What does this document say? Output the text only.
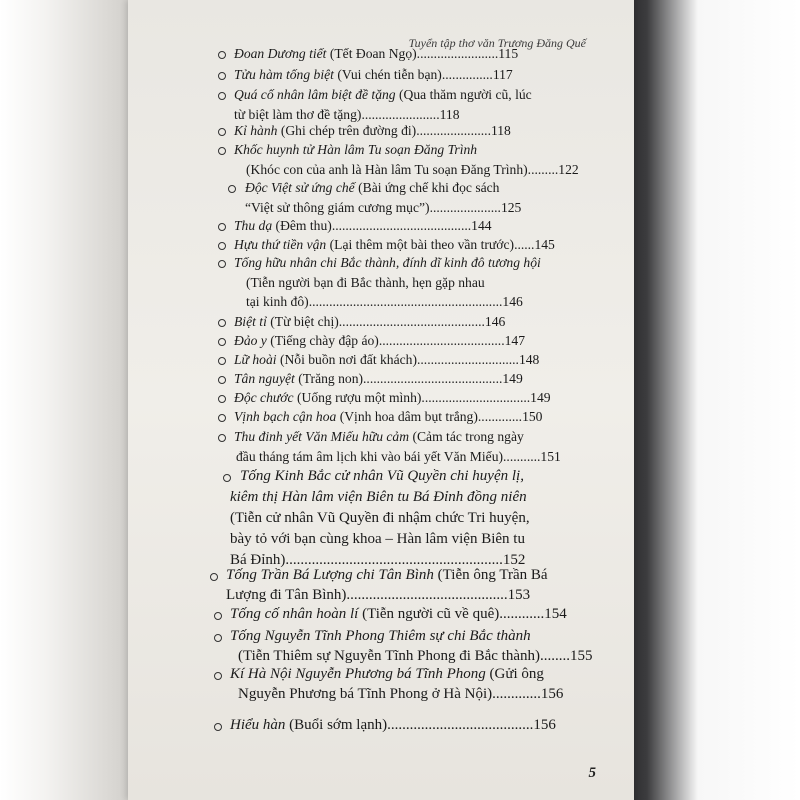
Tuyển tập thơ văn Trương Đăng Quế
Đoan Dương tiết (Tết Đoan Ngọ)........................115
Tửu hàm tống biệt (Vui chén tiễn bạn)...............117
Quá cố nhân lâm biệt đề tặng (Qua thăm người cũ, lúc
từ biệt làm thơ đề tặng).......................118
Kỉ hành (Ghi chép trên đường đi)......................118
Khốc huynh tử Hàn lâm Tu soạn Đăng Trình
(Khóc con của anh là Hàn lâm Tu soạn Đăng Trình).........122
Độc Việt sử ứng chế (Bài ứng chế khi đọc sách
“Việt sử thông giám cương mục”).....................125
Thu dạ (Đêm thu).........................................144
Hựu thứ tiền vận (Lại thêm một bài theo vần trước)......145
Tống hữu nhân chi Bắc thành, đính dĩ kinh đô tương hội
(Tiễn người bạn đi Bắc thành, hẹn gặp nhau
tại kinh đô).........................................................146
Biệt tỉ (Từ biệt chị)...........................................146
Đảo y (Tiếng chày đập áo).....................................147
Lữ hoài (Nỗi buồn nơi đất khách)..............................148
Tân nguyệt (Trăng non).........................................149
Độc chước (Uống rượu một mình)................................149
Vịnh bạch cận hoa (Vịnh hoa dâm bụt trắng).............150
Thu đinh yết Văn Miếu hữu cảm (Cảm tác trong ngày
đầu tháng tám âm lịch khi vào bái yết Văn Miếu)...........151
Tống Kinh Bắc cử nhân Vũ Quyền chi huyện lị,
kiêm thị Hàn lâm viện Biên tu Bá Đỉnh đồng niên
(Tiễn cử nhân Vũ Quyền đi nhậm chức Tri huyện,
bày tỏ với bạn cùng khoa – Hàn lâm viện Biên tu
Bá Đỉnh)..........................................................152
Tống Trần Bá Lượng chi Tân Bình (Tiễn ông Trần Bá
Lượng đi Tân Bình)...........................................153
Tống cố nhân hoàn lí (Tiễn người cũ về quê)............154
Tống Nguyễn Tĩnh Phong Thiêm sự chi Bắc thành
(Tiễn Thiêm sự Nguyễn Tĩnh Phong đi Bắc thành)........155
Kí Hà Nội Nguyễn Phương bá Tĩnh Phong (Gửi ông
Nguyễn Phương bá Tĩnh Phong ở Hà Nội).............156
Hiểu hàn (Buổi sớm lạnh).......................................156
5
